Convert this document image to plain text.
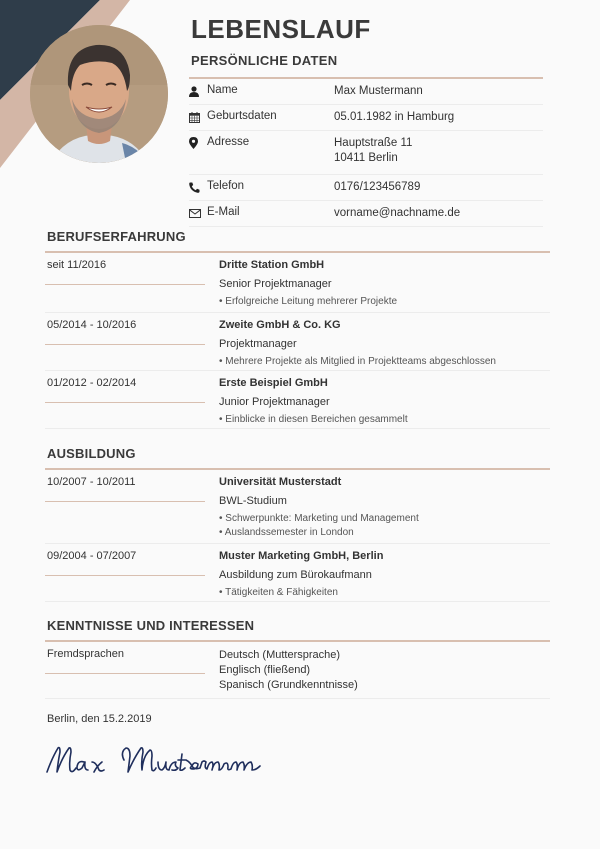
LEBENSLAUF
PERSÖNLICHE DATEN
Name	Max Mustermann
Geburtsdaten	05.01.1982 in Hamburg
Adresse	Hauptstraße 11
10411 Berlin
Telefon	0176/123456789
E-Mail	vorname@nachname.de
BERUFSERFAHRUNG
seit 11/2016	Dritte Station GmbH
Senior Projektmanager
• Erfolgreiche Leitung mehrerer Projekte
05/2014 - 10/2016	Zweite GmbH & Co. KG
Projektmanager
• Mehrere Projekte als Mitglied in Projektteams abgeschlossen
01/2012 - 02/2014	Erste Beispiel GmbH
Junior Projektmanager
• Einblicke in diesen Bereichen gesammelt
AUSBILDUNG
10/2007 - 10/2011	Universität Musterstadt
BWL-Studium
• Schwerpunkte: Marketing und Management
• Auslandssemester in London
09/2004 - 07/2007	Muster Marketing GmbH, Berlin
Ausbildung zum Bürokaufmann
• Tätigkeiten & Fähigkeiten
KENNTNISSE UND INTERESSEN
Fremdsprachen	Deutsch (Muttersprache)
Englisch (fließend)
Spanisch (Grundkenntnisse)
Berlin, den 15.2.2019
